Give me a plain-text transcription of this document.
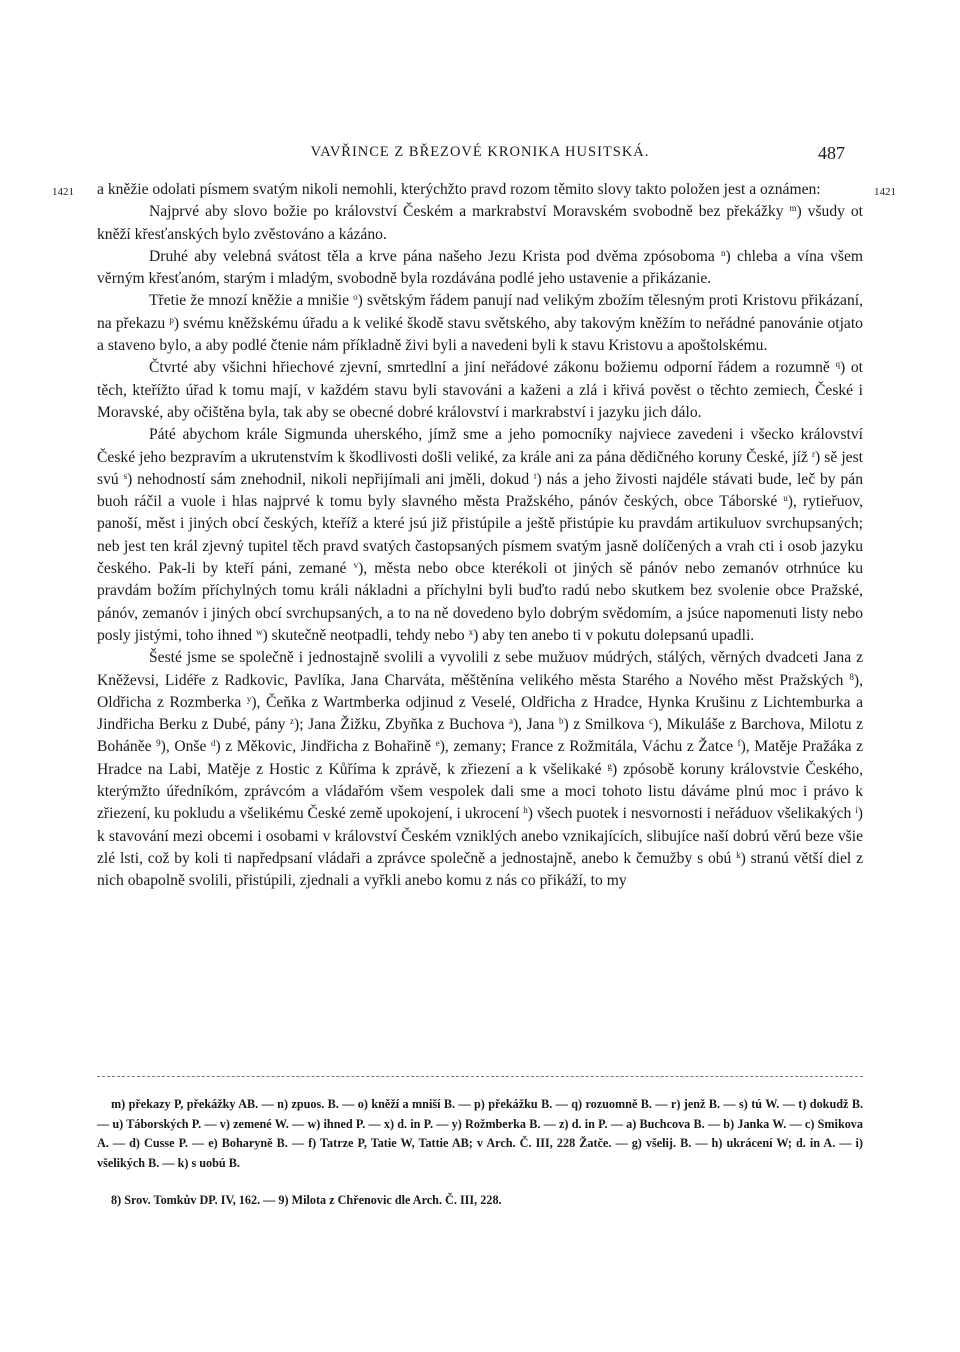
VAVŘINCE Z BŘEZOVÉ KRONIKA HUSITSKÁ.	487
1421	1421

a kněžie odolati písmem svatým nikoli nemohli, kterýchžto pravd rozom těmito slovy takto položen jest a oznámen:

Najprvé aby slovo božie po království Českém a markrabství Moravském svobodně bez překážky $^m$) všudy ot kněží křesťanských bylo zvěstováno a kázáno.

Druhé aby velebná svátost těla a krve pána našeho Jezu Krista pod dvěma zpósoboma $^n$) chleba a vína všem věrným křesťanóm, starým i mladým, svobodně byla rozdávána podlé jeho ustavenie a přikázanie.

Třetie že mnozí kněžie a mnišie $^o$) světským řádem panují nad velikým zbožím tělesným proti Kristovu přikázaní, na překazu $^p$) svému kněžskému úřadu a k veliké škodě stavu světského, aby takovým kněžím to neřádné panovánie otjato a staveno bylo, a aby podlé čtenie nám příkladně živi byli a navedeni byli k stavu Kristovu a apoštolskému.

Čtvrté aby všichni hřiechové zjevní, smrtedlní a jiní neřádové zákonu božiemu odporní řádem a rozumně $^q$) ot těch, kteřížto úřad k tomu mají, v každém stavu byli stavováni a kaženi a zlá i křivá pověst o těchto zemiech, České i Moravské, aby očištěna byla, tak aby se obecné dobré království i markrabství i jazyku jich dálo.

Páté abychom krále Sigmunda uherského, jímž sme a jeho pomocníky najviece zavedeni i všecko království České jeho bezpravím a ukrutenstvím k škodlivosti došli veliké, za krále ani za pána dědičného koruny České, jíž $^r$) sě jest svú $^s$) nehodností sám znehodnil, nikoli nepřijímali ani jměli, dokud $^t$) nás a jeho živosti najdéle stávati bude, leč by pán buoh ráčil a vuole i hlas najprvé k tomu byly slavného města Pražského, pánóv českých, obce Táborské $^u$), rytieřuov, panoší, měst i jiných obcí českých, kteříž a které jsú již přistúpile a ještě přistúpie ku pravdám artikuluov svrchupsaných; neb jest ten král zjevný tupitel těch pravd svatých častopsaných písmem svatým jasně dolíčených a vrah cti i osob jazyku českého. Pak-li by kteří páni, zemané $^v$), města nebo obce kterékoli ot jiných sě pánóv nebo zemanóv otrhnúce ku pravdám božím příchylných tomu králi nákladni a příchylni byli buďto radú nebo skutkem bez svolenie obce Pražské, pánóv, zemanóv i jiných obcí svrchupsaných, a to na ně dovedeno bylo dobrým svědomím, a jsúce napomenuti listy nebo posly jistými, toho ihned $^w$) skutečně neotpadli, tehdy nebo $^x$) aby ten anebo ti v pokutu dolepsanú upadli.

Šesté jsme se společně i jednostajně svolili a vyvolili z sebe mužuov múdrých, stálých, věrných dvadceti Jana z Kněževsi, Lidéře z Radkovic, Pavlíka, Jana Charváta, měštěnína velikého města Starého a Nového měst Pražských $^8$), Oldřicha z Rozmberka $^y$), Čeňka z Wartmberka odjinud z Veselé, Oldřicha z Hradce, Hynka Krušinu z Lichtemburka a Jindřicha Berku z Dubé, pány $^z$); Jana Žižku, Zbyňka z Buchova $^a$), Jana $^b$) z Smilkova $^c$), Mikuláše z Barchova, Milotu z Boháněe $^9$), Onše $^d$) z Měkovic, Jindřicha z Bohařině $^e$), zemany; France z Rožmitála, Váchu z Žatce $^f$), Matěje Pražáka z Hradce na Labi, Matěje z Hostic z Kůříma k zprávě, k zřiezení a k všelikaké $^g$) zpósobě koruny královstvie Českého, kterýmžto úředníkóm, zprávcóm a vládařóm všem vespolek dali sme a moci tohoto listu dáváme plnú moc i právo k zřiezení, ku pokludu a všelikému České země upokojení, i ukrocení $^h$) všech puotek i nesvornosti i neřáduov všelikakých $^i$) k stavování mezi obcemi i osobami v království Českém vzniklých anebo vznikajících, slibujíce naší dobrú věrú beze všie zlé lsti, což by koli ti napředpsaní vládaři a zprávce společně a jednostajně, anebo k čemužby s obú $^k$) stranú větší diel z nich obapolně svolili, přistúpili, zjednali a vyřkli anebo komu z nás co přikáží, to my

m) překazy P, překážky AB. — n) zpuos. B. — o) kněží a mniší B. — p) překážku B. — q) rozuomně B. — r) jenž B. — s) tú W. — t) dokudž B. — u) Táborských P. — v) zemené W. — w) ihned P. — x) d. in P. — y) Rožmberka B. — z) d. in P. — a) Buchcova B. — b) Janka W. — c) Smikova A. — d) Cusse P. — e) Boharyně B. — f) Tatrze P, Tatie W, Tattie AB; v Arch. Č. III, 228 Žatče. — g) všelij. B. — h) ukrácení W; d. in A. — i) všelikých B. — k) s uobú B.

8) Srov. Tomkův DP. IV, 162. — 9) Milota z Chřenovic dle Arch. Č. III, 228.
